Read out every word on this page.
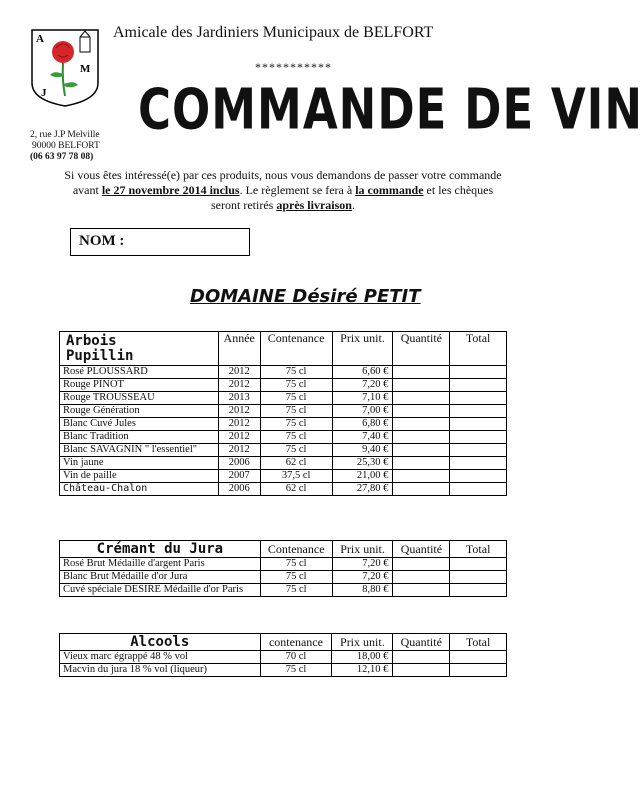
A
M
J
Amicale des Jardiniers Municipaux de BELFORT
***********
COMMANDE DE VIN
2, rue J.P Melville
90000 BELFORT
(06 63 97 78 08)
Si vous êtes intéressé(e) par ces produits, nous vous demandons de passer votre commande avant le 27 novembre 2014 inclus. Le règlement se fera à la commande et les chèques seront retirés après livraison.
NOM :
DOMAINE Désiré PETIT
Arbois
Pupillin	Année	Contenance	Prix unit.	Quantité	Total
Rosé PLOUSSARD	2012	75 cl	6,60 €		
Rouge PINOT	2012	75 cl	7,20 €		
Rouge TROUSSEAU	2013	75 cl	7,10 €		
Rouge Génération	2012	75 cl	7,00 €		
Blanc Cuvé Jules	2012	75 cl	6,80 €		
Blanc Tradition	2012	75 cl	7,40 €		
Blanc SAVAGNIN " l'essentiel"	2012	75 cl	9,40 €		
Vin jaune	2006	62 cl	25,30 €		
Vin de paille	2007	37,5 cl	21,00 €		
Château-Chalon	2006	62 cl	27,80 €		
Crémant du Jura	Contenance	Prix unit.	Quantité	Total
Rosé Brut Médaille d'argent Paris	75 cl	7,20 €		
Blanc Brut Médaille d'or Jura	75 cl	7,20 €		
Cuvé spéciale DESIRE Médaille d'or Paris	75 cl	8,80 €		
Alcools	contenance	Prix unit.	Quantité	Total
Vieux marc égrappé 48 % vol	70 cl	18,00 €		
Macvin du jura 18 % vol (liqueur)	75 cl	12,10 €		
